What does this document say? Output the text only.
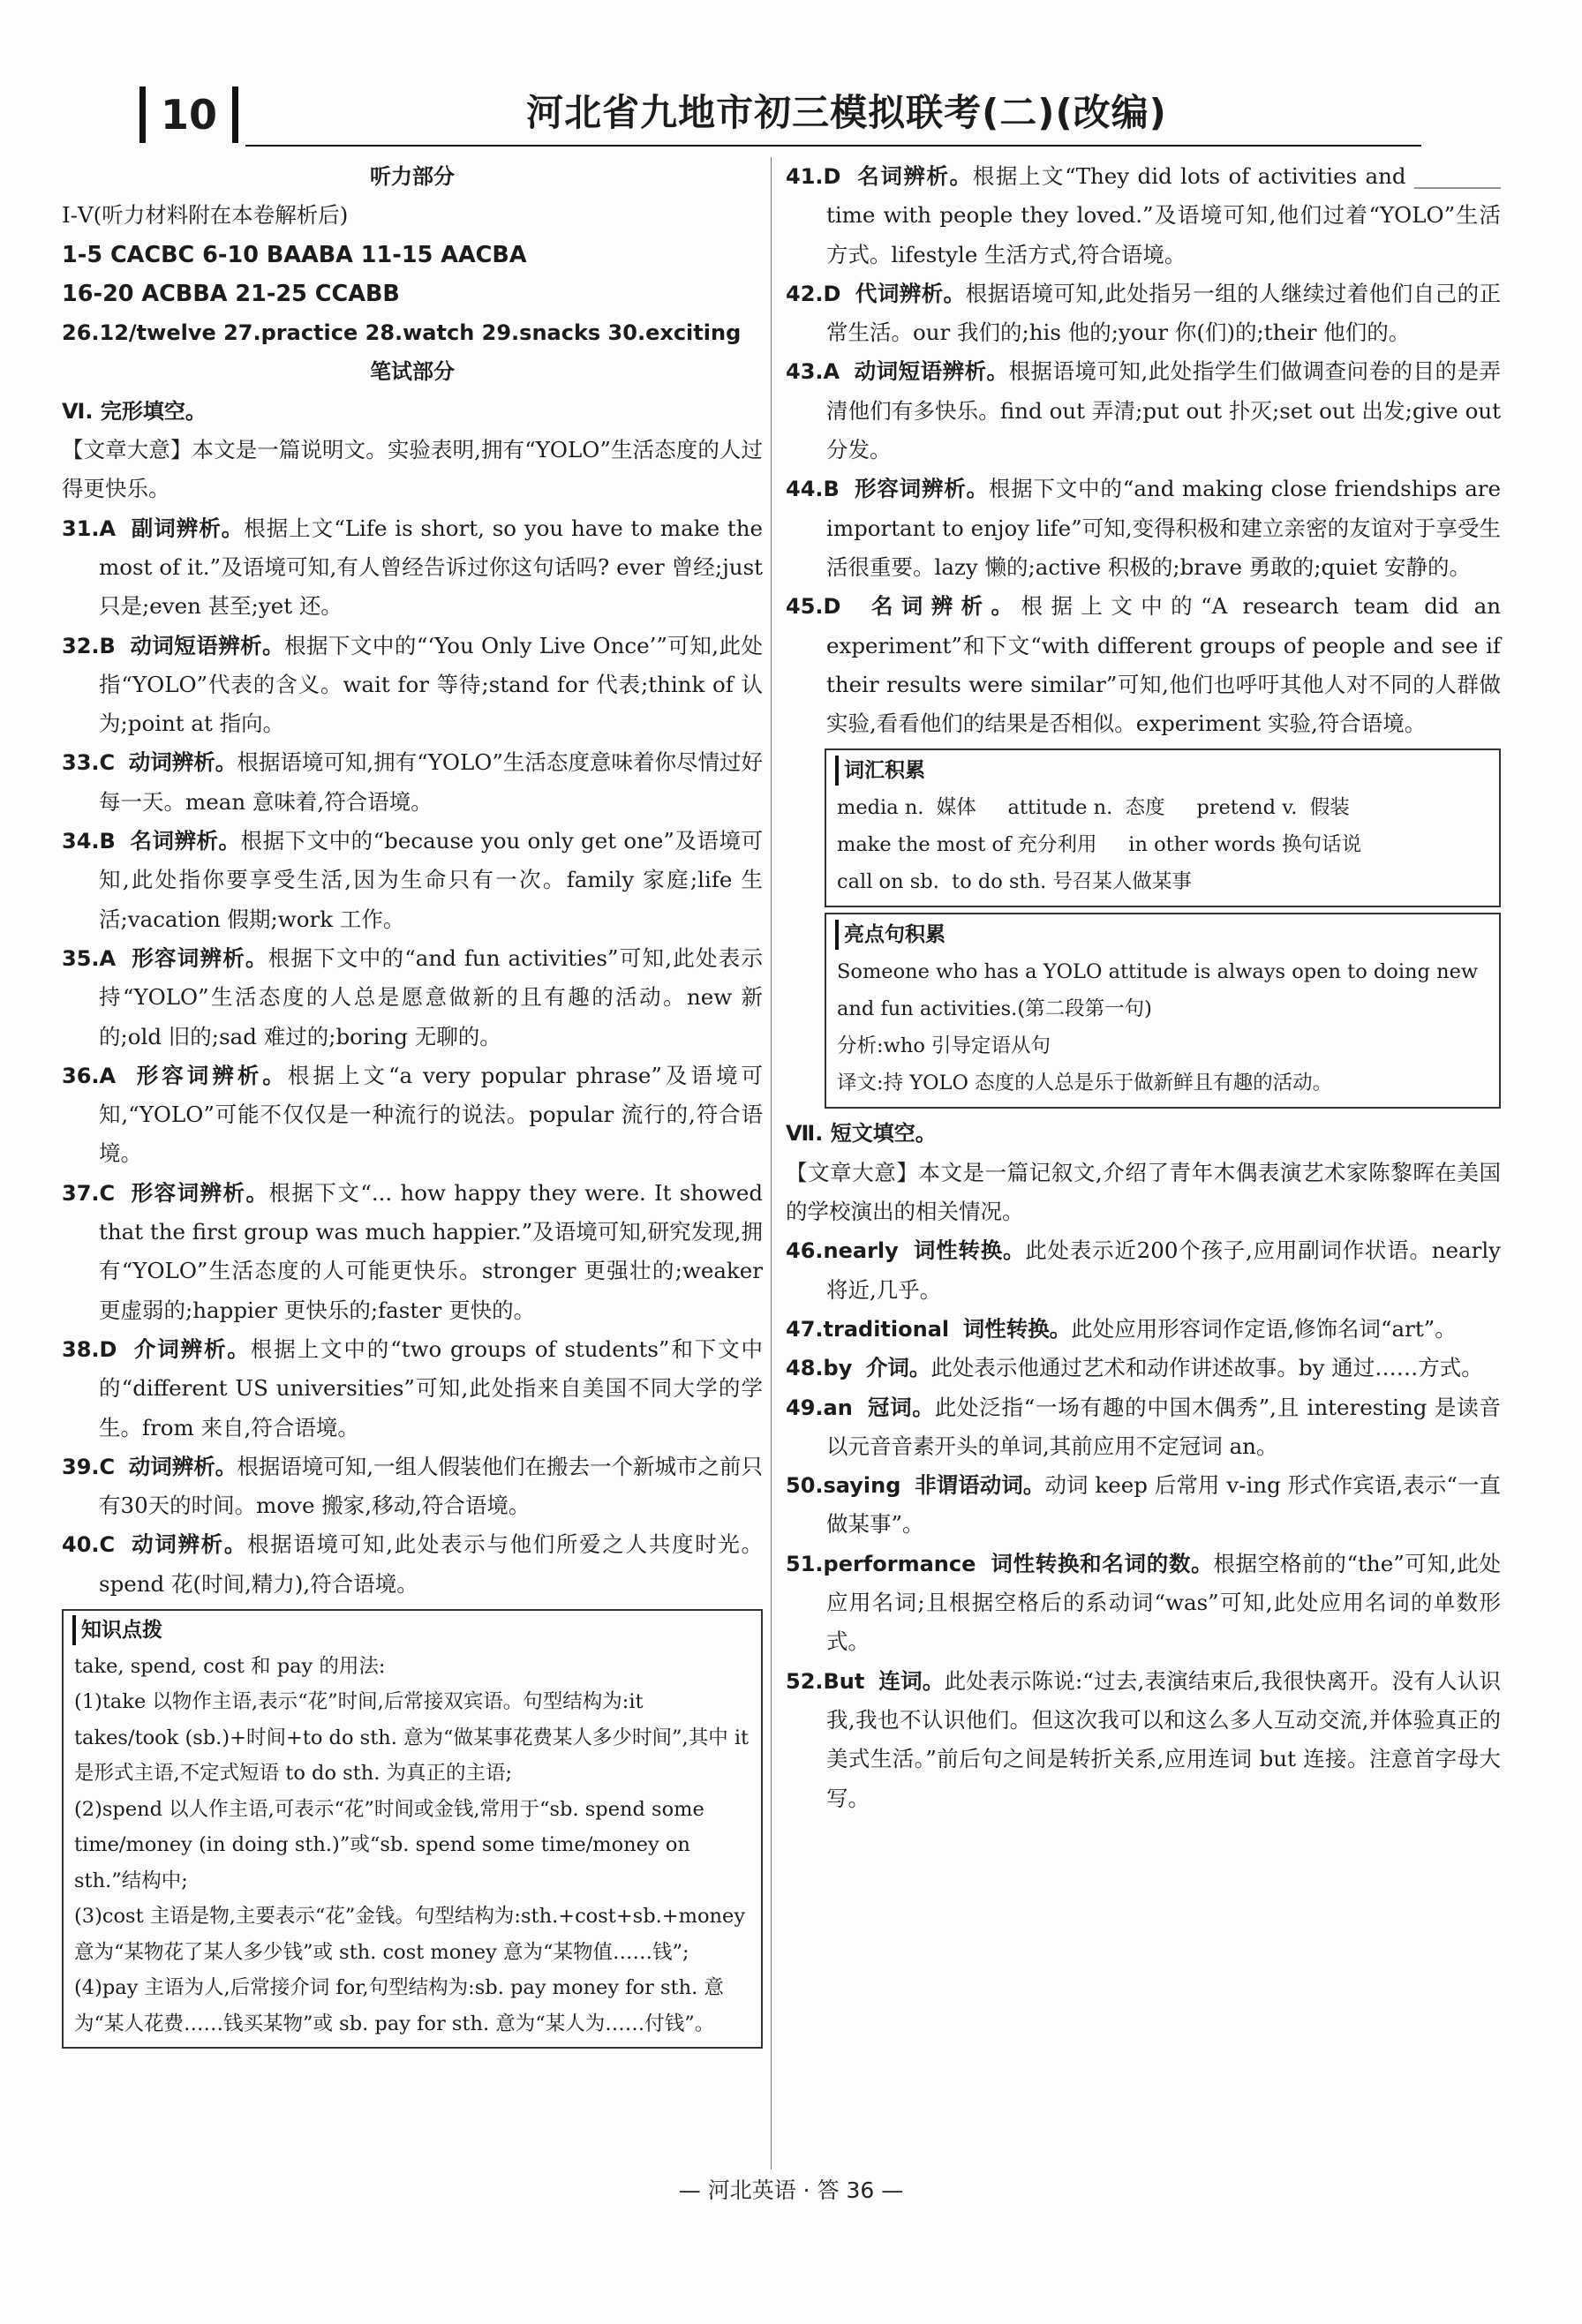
10	河北省九地市初三模拟联考(二)(改编)

听力部分

Ⅰ-Ⅴ(听力材料附在本卷解析后)

1-5 CACBC 6-10 BAABA 11-15 AACBA

16-20 ACBBA 21-25 CCABB

26.12/twelve 27.practice 28.watch 29.snacks 30.exciting

笔试部分

Ⅵ. 完形填空。

【文章大意】本文是一篇说明文。实验表明,拥有“YOLO”生活态度的人过得更快乐。

31.A 副词辨析。根据上文“Life is short, so you have to make the most of it.”及语境可知,有人曾经告诉过你这句话吗? ever 曾经;just 只是;even 甚至;yet 还。

32.B 动词短语辨析。根据下文中的“‘You Only Live Once’”可知,此处指“YOLO”代表的含义。wait for 等待;stand for 代表;think of 认为;point at 指向。

33.C 动词辨析。根据语境可知,拥有“YOLO”生活态度意味着你尽情过好每一天。mean 意味着,符合语境。

34.B 名词辨析。根据下文中的“because you only get one”及语境可知,此处指你要享受生活,因为生命只有一次。family 家庭;life 生活;vacation 假期;work 工作。

35.A 形容词辨析。根据下文中的“and fun activities”可知,此处表示持“YOLO”生活态度的人总是愿意做新的且有趣的活动。new 新的;old 旧的;sad 难过的;boring 无聊的。

36.A 形容词辨析。根据上文“a very popular phrase”及语境可知,“YOLO”可能不仅仅是一种流行的说法。popular 流行的,符合语境。

37.C 形容词辨析。根据下文“... how happy they were. It showed that the first group was much happier.”及语境可知,研究发现,拥有“YOLO”生活态度的人可能更快乐。stronger 更强壮的;weaker 更虚弱的;happier 更快乐的;faster 更快的。

38.D 介词辨析。根据上文中的“two groups of students”和下文中的“different US universities”可知,此处指来自美国不同大学的学生。from 来自,符合语境。

39.C 动词辨析。根据语境可知,一组人假装他们在搬去一个新城市之前只有30天的时间。move 搬家,移动,符合语境。

40.C 动词辨析。根据语境可知,此处表示与他们所爱之人共度时光。spend 花(时间,精力),符合语境。

知识点拨

take, spend, cost 和 pay 的用法:

(1)take 以物作主语,表示“花”时间,后常接双宾语。句型结构为:it takes/took (sb.)+时间+to do sth. 意为“做某事花费某人多少时间”,其中 it 是形式主语,不定式短语 to do sth. 为真正的主语;

(2)spend 以人作主语,可表示“花”时间或金钱,常用于“sb. spend some time/money (in doing sth.)”或“sb. spend some time/money on sth.”结构中;

(3)cost 主语是物,主要表示“花”金钱。句型结构为:sth.+cost+sb.+money 意为“某物花了某人多少钱”或 sth. cost money 意为“某物值……钱”;

(4)pay 主语为人,后常接介词 for,句型结构为:sb. pay money for sth. 意为“某人花费……钱买某物”或 sb. pay for sth. 意为“某人为……付钱”。

41.D 名词辨析。根据上文“They did lots of activities and ________ time with people they loved.”及语境可知,他们过着“YOLO”生活方式。lifestyle 生活方式,符合语境。

42.D 代词辨析。根据语境可知,此处指另一组的人继续过着他们自己的正常生活。our 我们的;his 他的;your 你(们)的;their 他们的。

43.A 动词短语辨析。根据语境可知,此处指学生们做调查问卷的目的是弄清他们有多快乐。find out 弄清;put out 扑灭;set out 出发;give out 分发。

44.B 形容词辨析。根据下文中的“and making close friendships are important to enjoy life”可知,变得积极和建立亲密的友谊对于享受生活很重要。lazy 懒的;active 积极的;brave 勇敢的;quiet 安静的。

45.D 名词辨析。根据上文中的“A research team did an experiment”和下文“with different groups of people and see if their results were similar”可知,他们也呼吁其他人对不同的人群做实验,看看他们的结果是否相似。experiment 实验,符合语境。

词汇积累

media n.  媒体     attitude n.  态度     pretend v.  假装

make the most of 充分利用     in other words 换句话说

call on sb.  to do sth. 号召某人做某事

亮点句积累

Someone who has a YOLO attitude is always open to doing new and fun activities.(第二段第一句)

分析:who 引导定语从句

译文:持 YOLO 态度的人总是乐于做新鲜且有趣的活动。

Ⅶ. 短文填空。

【文章大意】本文是一篇记叙文,介绍了青年木偶表演艺术家陈黎晖在美国的学校演出的相关情况。

46.nearly 词性转换。此处表示近200个孩子,应用副词作状语。nearly 将近,几乎。

47.traditional 词性转换。此处应用形容词作定语,修饰名词“art”。

48.by 介词。此处表示他通过艺术和动作讲述故事。by 通过……方式。

49.an 冠词。此处泛指“一场有趣的中国木偶秀”,且 interesting 是读音以元音音素开头的单词,其前应用不定冠词 an。

50.saying 非谓语动词。动词 keep 后常用 v-ing 形式作宾语,表示“一直做某事”。

51.performance 词性转换和名词的数。根据空格前的“the”可知,此处应用名词;且根据空格后的系动词“was”可知,此处应用名词的单数形式。

52.But 连词。此处表示陈说:“过去,表演结束后,我很快离开。没有人认识我,我也不认识他们。但这次我可以和这么多人互动交流,并体验真正的美式生活。”前后句之间是转折关系,应用连词 but 连接。注意首字母大写。

— 河北英语 · 答 36 —
